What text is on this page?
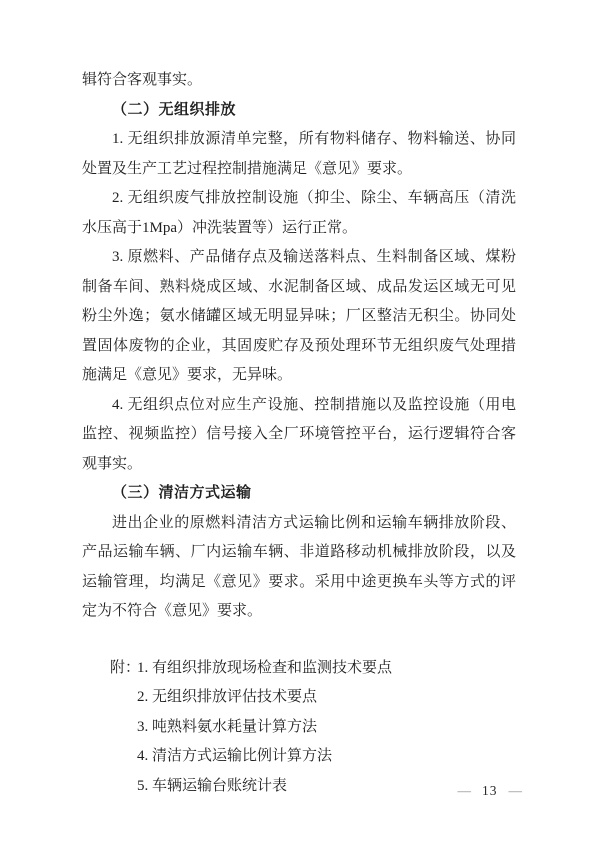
辑符合客观事实。

（二）无组织排放

1. 无组织排放源清单完整，所有物料储存、物料输送、协同处置及生产工艺过程控制措施满足《意见》要求。

2. 无组织废气排放控制设施（抑尘、除尘、车辆高压（清洗水压高于1Mpa）冲洗装置等）运行正常。

3. 原燃料、产品储存点及输送落料点、生料制备区域、煤粉制备车间、熟料烧成区域、水泥制备区域、成品发运区域无可见粉尘外逸；氨水储罐区域无明显异味；厂区整洁无积尘。协同处置固体废物的企业，其固废贮存及预处理环节无组织废气处理措施满足《意见》要求，无异味。

4. 无组织点位对应生产设施、控制措施以及监控设施（用电监控、视频监控）信号接入全厂环境管控平台，运行逻辑符合客观事实。

（三）清洁方式运输

进出企业的原燃料清洁方式运输比例和运输车辆排放阶段、产品运输车辆、厂内运输车辆、非道路移动机械排放阶段，以及运输管理，均满足《意见》要求。采用中途更换车头等方式的评定为不符合《意见》要求。

附：

1. 有组织排放现场检查和监测技术要点

2. 无组织排放评估技术要点

3. 吨熟料氨水耗量计算方法

4. 清洁方式运输比例计算方法

5. 车辆运输台账统计表	— 13 —
